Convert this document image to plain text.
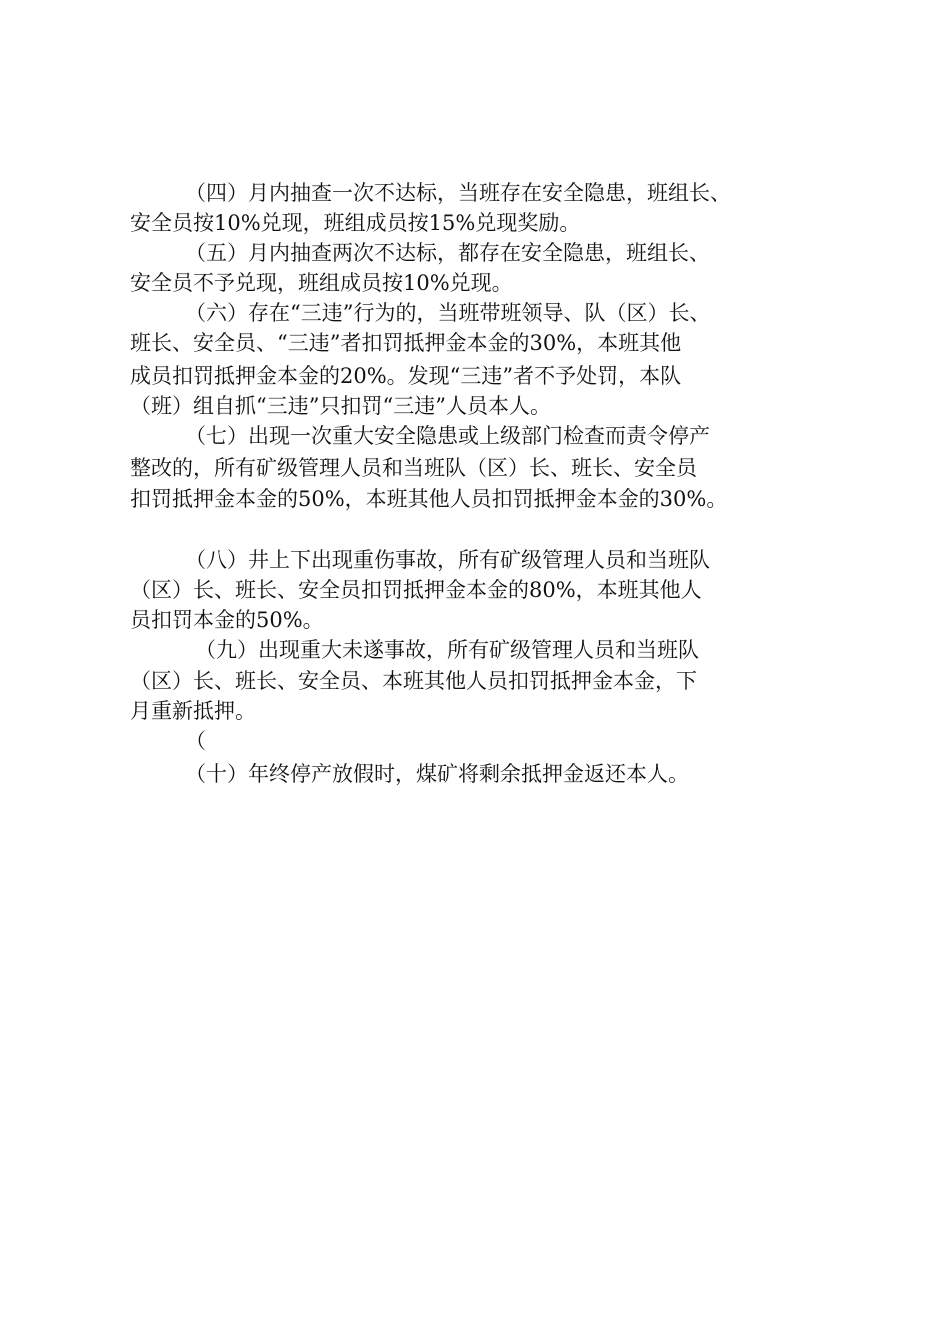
（四）月内抽查一次不达标，当班存在安全隐患，班组长、
安全员按10%兑现，班组成员按15%兑现奖励。
（五）月内抽查两次不达标，都存在安全隐患，班组长、
安全员不予兑现，班组成员按10%兑现。
（六）存在“三违”行为的，当班带班领导、队（区）长、
班长、安全员、“三违”者扣罚抵押金本金的30%，本班其他
成员扣罚抵押金本金的20%。发现“三违”者不予处罚，本队
（班）组自抓“三违”只扣罚“三违”人员本人。
（七）出现一次重大安全隐患或上级部门检查而责令停产
整改的，所有矿级管理人员和当班队（区）长、班长、安全员
扣罚抵押金本金的50%，本班其他人员扣罚抵押金本金的30%。
（八）井上下出现重伤事故，所有矿级管理人员和当班队
（区）长、班长、安全员扣罚抵押金本金的80%，本班其他人
员扣罚本金的50%。
（九）出现重大未遂事故，所有矿级管理人员和当班队
（区）长、班长、安全员、本班其他人员扣罚抵押金本金，下
月重新抵押。
（
（十）年终停产放假时，煤矿将剩余抵押金返还本人。
